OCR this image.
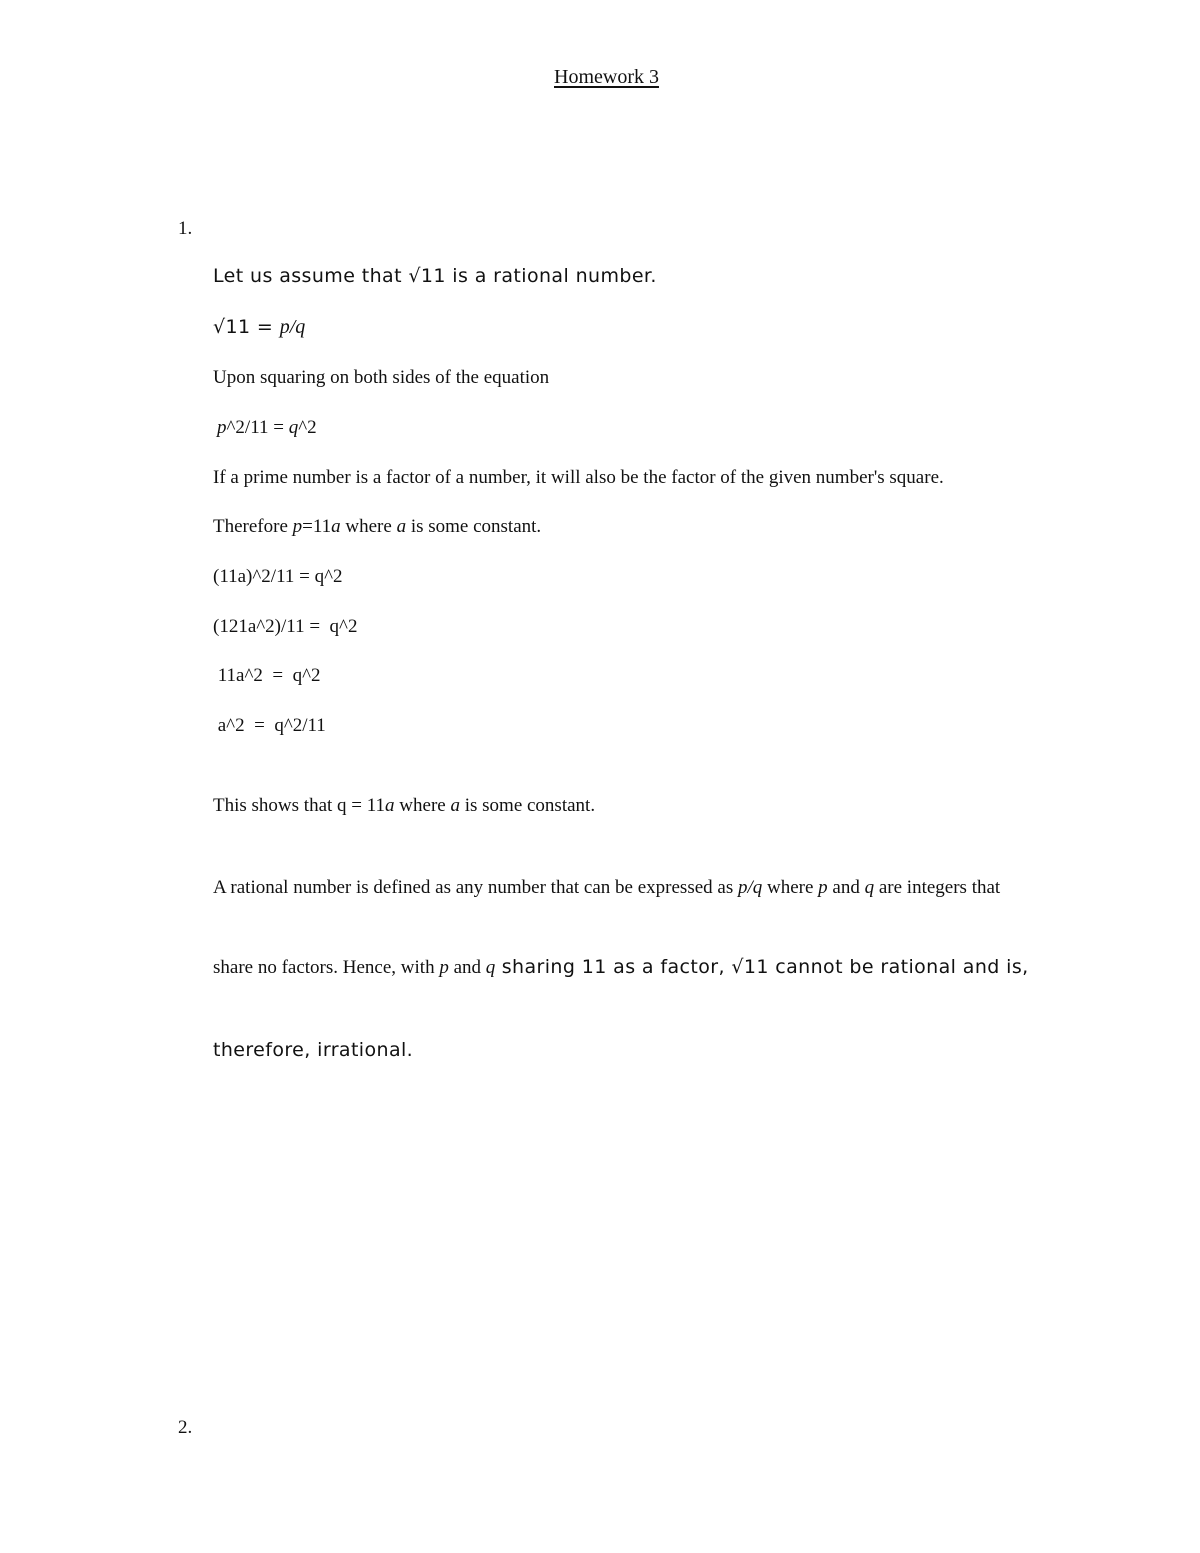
Homework 3
1.
Let us assume that √11 is a rational number.
√11 = p/q
Upon squaring on both sides of the equation
p^2/11 = q^2
If a prime number is a factor of a number, it will also be the factor of the given number's square.
Therefore p=11a where a is some constant.
(11a)^2/11 = q^2
(121a^2)/11 =  q^2
11a^2  =  q^2
a^2  =  q^2/11
This shows that q = 11a where a is some constant.
A rational number is defined as any number that can be expressed as p/q where p and q are integers that
share no factors. Hence, with p and q sharing 11 as a factor, √11 cannot be rational and is,
therefore, irrational.
2.
